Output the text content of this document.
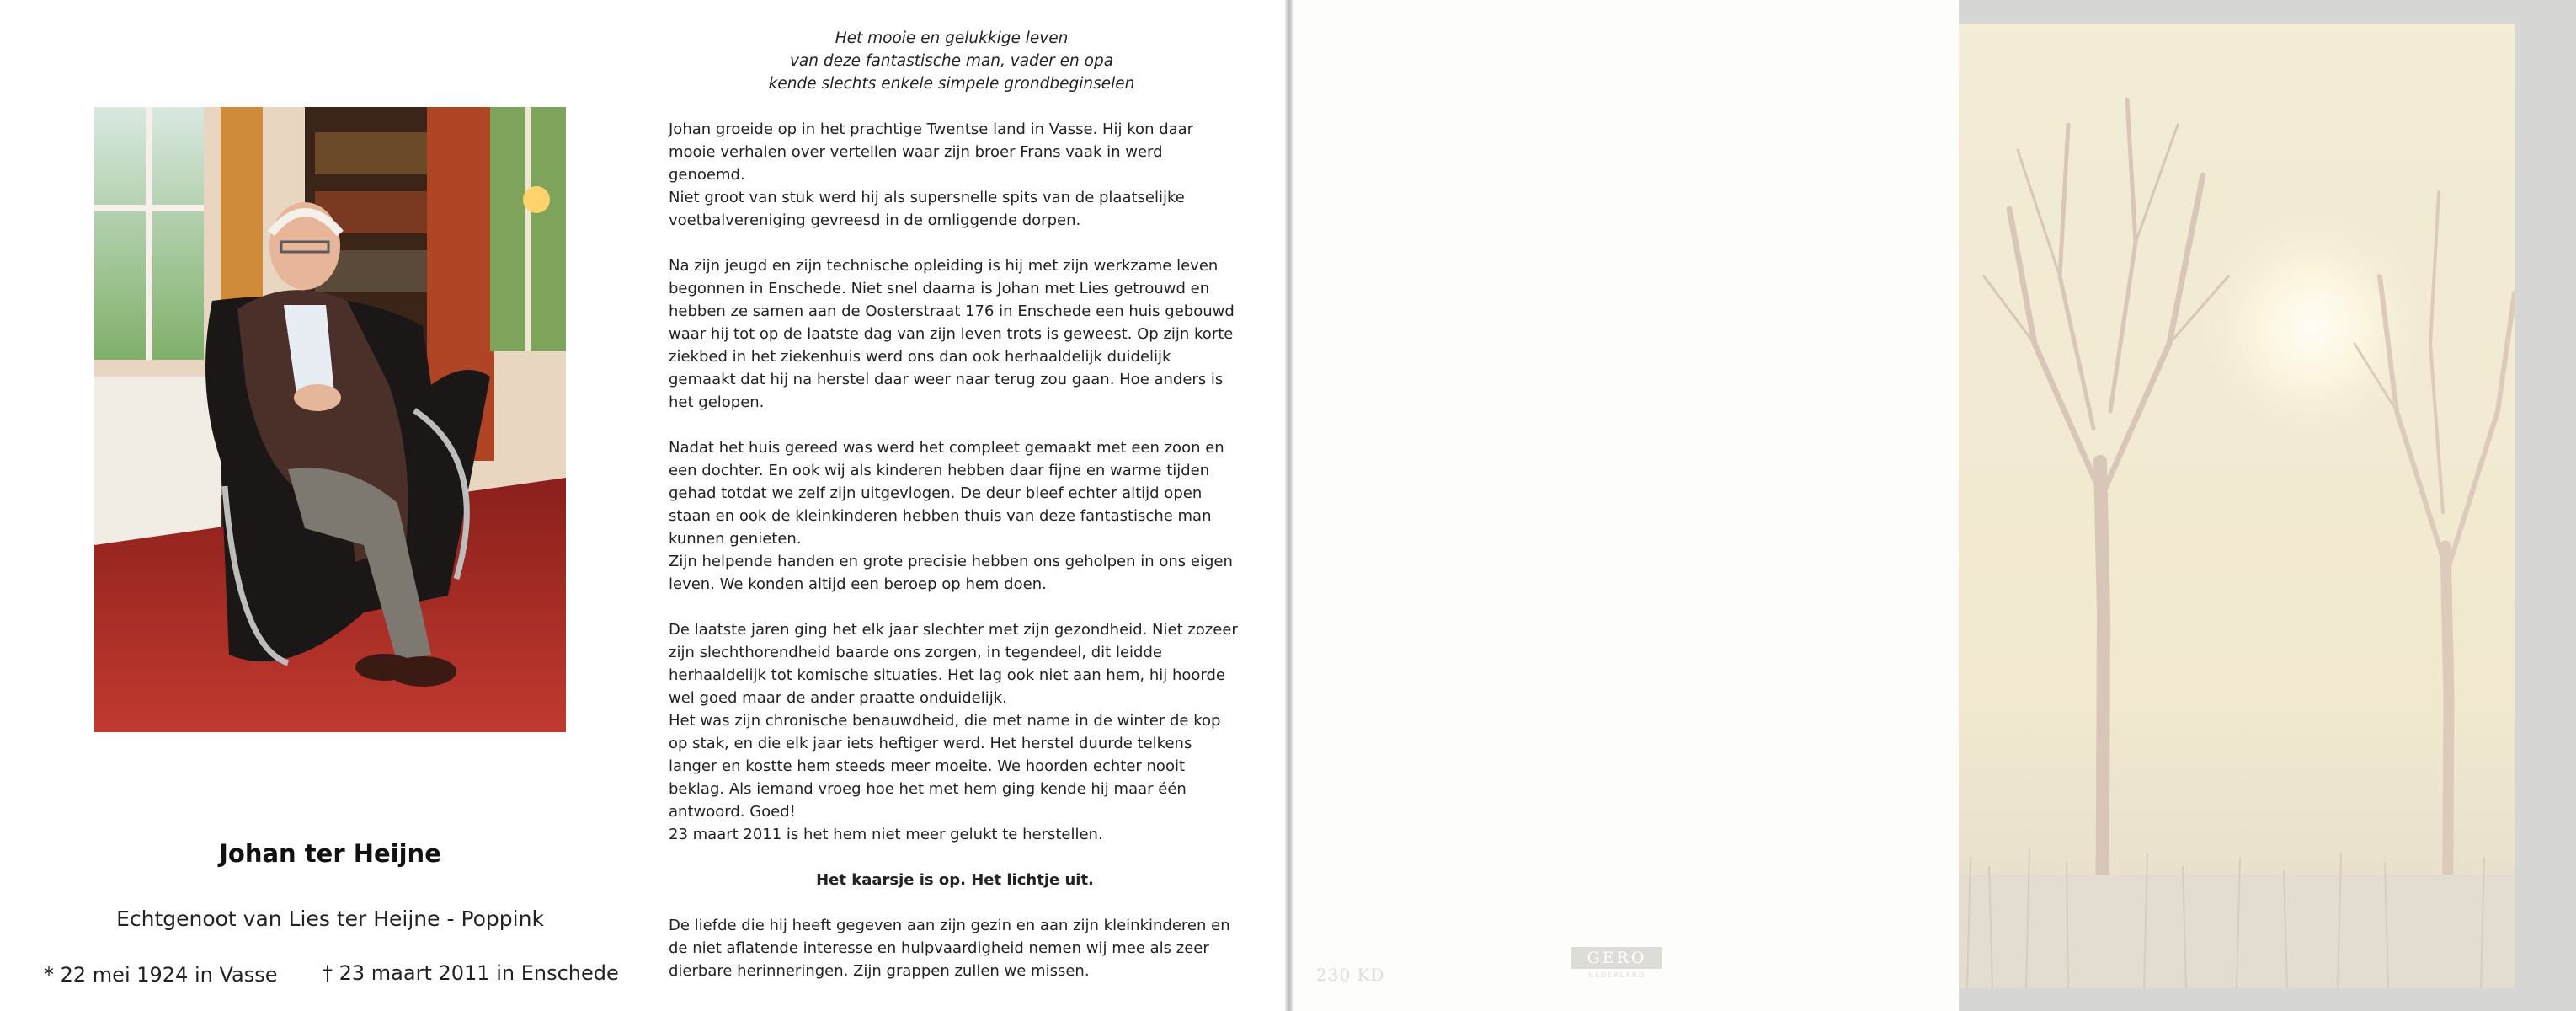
Johan ter Heijne
Echtgenoot van Lies ter Heijne - Poppink
* 22 mei 1924 in Vasse † 23 maart 2011 in Enschede
Het mooie en gelukkige leven
van deze fantastische man, vader en opa
kende slechts enkele simpele grondbeginselen

Johan groeide op in het prachtige Twentse land in Vasse. Hij kon daar
mooie verhalen over vertellen waar zijn broer Frans vaak in werd
genoemd.
Niet groot van stuk werd hij als supersnelle spits van de plaatselijke
voetbalvereniging gevreesd in de omliggende dorpen.

Na zijn jeugd en zijn technische opleiding is hij met zijn werkzame leven
begonnen in Enschede. Niet snel daarna is Johan met Lies getrouwd en
hebben ze samen aan de Oosterstraat 176 in Enschede een huis gebouwd
waar hij tot op de laatste dag van zijn leven trots is geweest. Op zijn korte
ziekbed in het ziekenhuis werd ons dan ook herhaaldelijk duidelijk
gemaakt dat hij na herstel daar weer naar terug zou gaan. Hoe anders is
het gelopen.

Nadat het huis gereed was werd het compleet gemaakt met een zoon en
een dochter. En ook wij als kinderen hebben daar fijne en warme tijden
gehad totdat we zelf zijn uitgevlogen. De deur bleef echter altijd open
staan en ook de kleinkinderen hebben thuis van deze fantastische man
kunnen genieten.
Zijn helpende handen en grote precisie hebben ons geholpen in ons eigen
leven. We konden altijd een beroep op hem doen.

De laatste jaren ging het elk jaar slechter met zijn gezondheid. Niet zozeer
zijn slechthorendheid baarde ons zorgen, in tegendeel, dit leidde
herhaaldelijk tot komische situaties. Het lag ook niet aan hem, hij hoorde
wel goed maar de ander praatte onduidelijk.
Het was zijn chronische benauwdheid, die met name in de winter de kop
op stak, en die elk jaar iets heftiger werd. Het herstel duurde telkens
langer en kostte hem steeds meer moeite. We hoorden echter nooit
beklag. Als iemand vroeg hoe het met hem ging kende hij maar één
antwoord. Goed!
23 maart 2011 is het hem niet meer gelukt te herstellen.

Het kaarsje is op. Het lichtje uit.

De liefde die hij heeft gegeven aan zijn gezin en aan zijn kleinkinderen en
de niet aflatende interesse en hulpvaardigheid nemen wij mee als zeer
dierbare herinneringen. Zijn grappen zullen we missen.	230 KD
GERO
NEDERLAND
